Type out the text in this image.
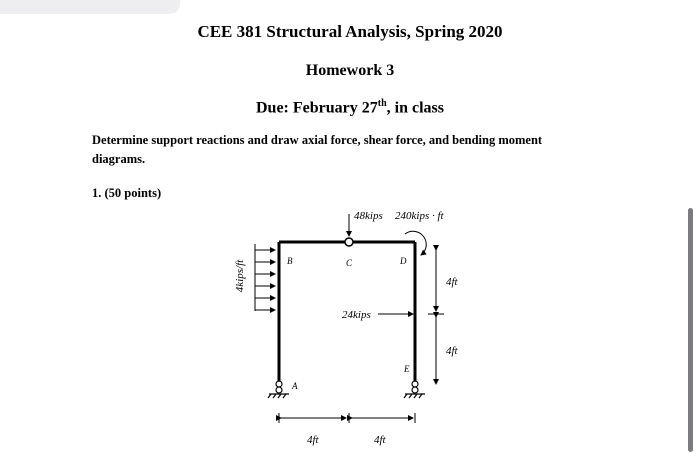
CEE 381 Structural Analysis, Spring 2020
Homework 3
Due: February 27th, in class
Determine support reactions and draw axial force, shear force, and bending moment diagrams.
1. (50 points)
4kips/ft
48kips 240kips · ft
24kips
B	C	D
E
A
4ft
4ft
4ft	4ft
